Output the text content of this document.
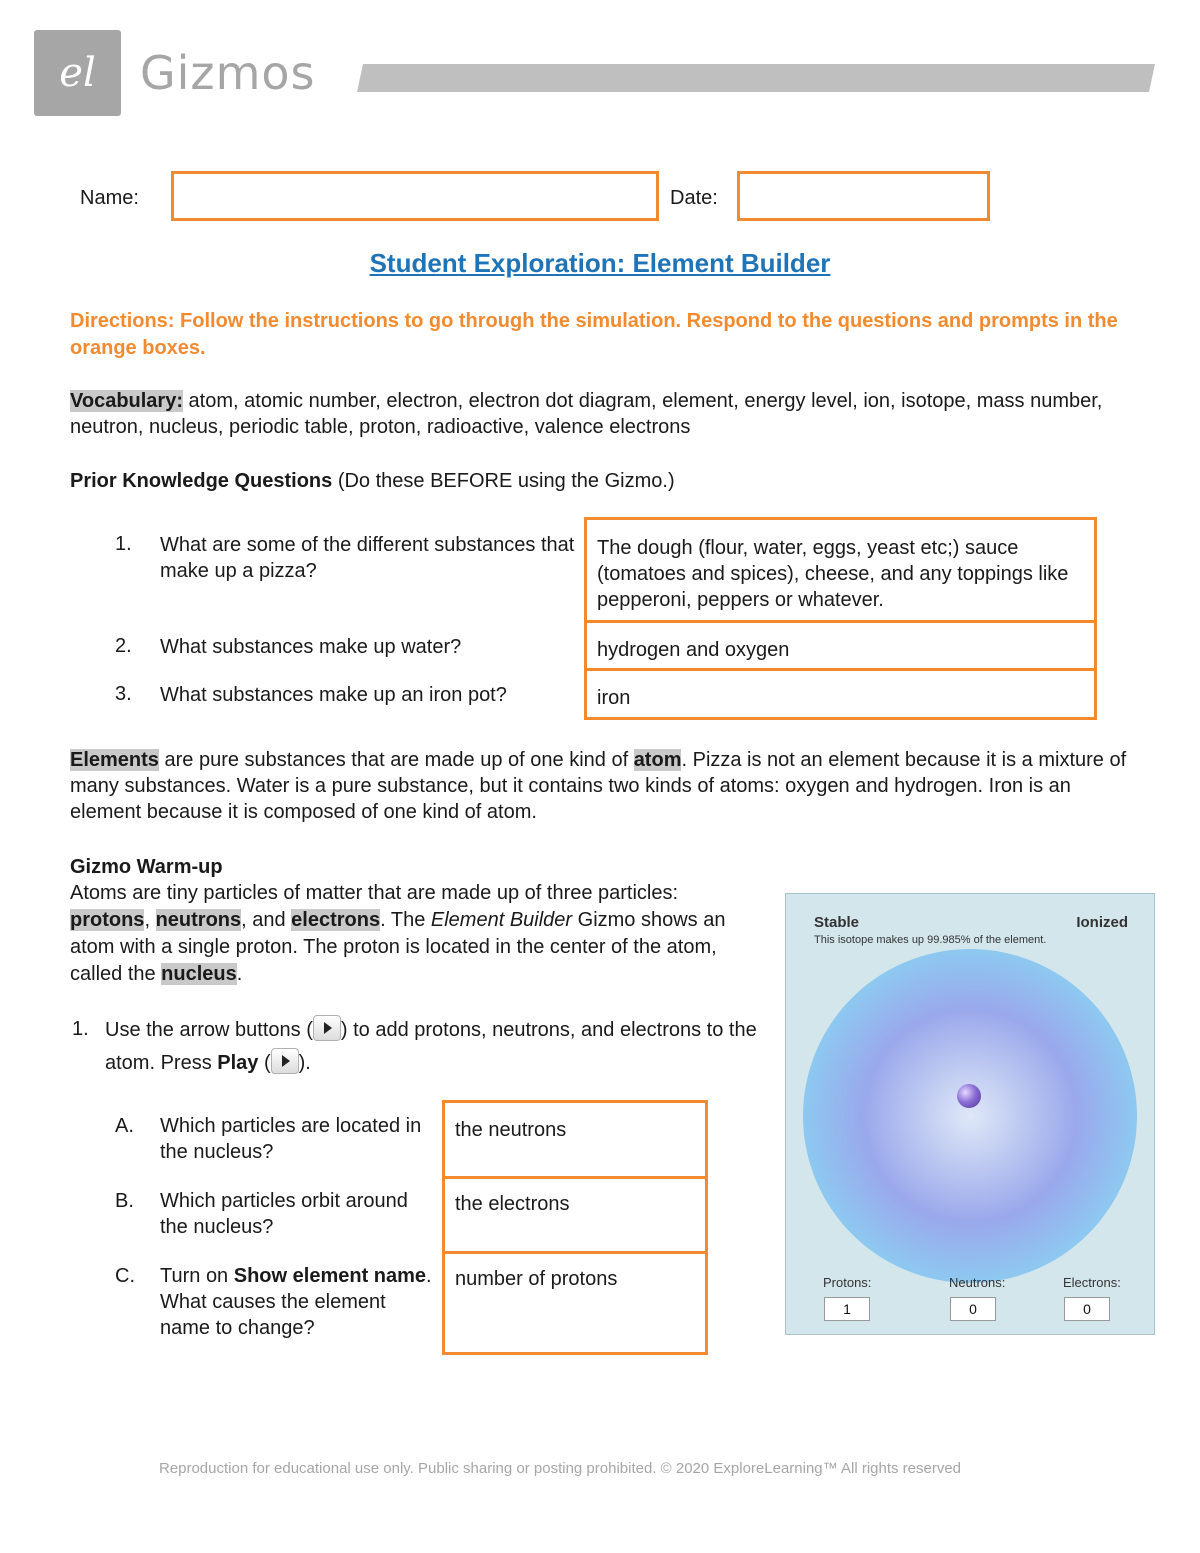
el Gizmos
Name:	Date:
Student Exploration: Element Builder
Directions: Follow the instructions to go through the simulation. Respond to the questions and prompts in the orange boxes.
Vocabulary: atom, atomic number, electron, electron dot diagram, element, energy level, ion, isotope, mass number, neutron, nucleus, periodic table, proton, radioactive, valence electrons
Prior Knowledge Questions (Do these BEFORE using the Gizmo.)
1. What are some of the different substances that make up a pizza?
2. What substances make up water?
3. What substances make up an iron pot?
The dough (flour, water, eggs, yeast etc;) sauce (tomatoes and spices), cheese, and any toppings like pepperoni, peppers or whatever.
hydrogen and oxygen
iron
Elements are pure substances that are made up of one kind of atom. Pizza is not an element because it is a mixture of many substances. Water is a pure substance, but it contains two kinds of atoms: oxygen and hydrogen. Iron is an element because it is composed of one kind of atom.
Gizmo Warm-up
Atoms are tiny particles of matter that are made up of three particles: protons, neutrons, and electrons. The Element Builder Gizmo shows an atom with a single proton. The proton is located in the center of the atom, called the nucleus.
1. Use the arrow buttons ( ) to add protons, neutrons, and electrons to the atom. Press Play ( ).
A. Which particles are located in the nucleus?
B. Which particles orbit around the nucleus?
C. Turn on Show element name. What causes the element name to change?
the neutrons
the electrons
number of protons
Stable	Ionized
This isotope makes up 99.985% of the element.
Protons:
1
Neutrons:
0
Electrons:
0
Reproduction for educational use only. Public sharing or posting prohibited. © 2020 ExploreLearning™ All rights reserved
